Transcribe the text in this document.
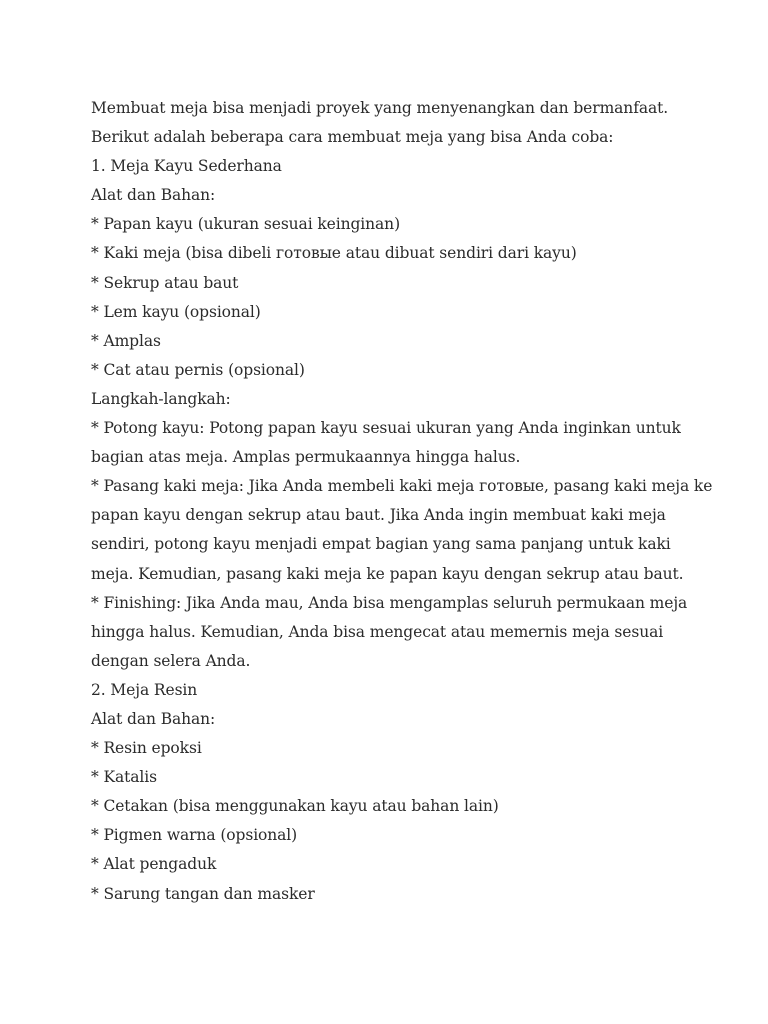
Membuat meja bisa menjadi proyek yang menyenangkan dan bermanfaat.
Berikut adalah beberapa cara membuat meja yang bisa Anda coba:
1. Meja Kayu Sederhana
Alat dan Bahan:
* Papan kayu (ukuran sesuai keinginan)
* Kaki meja (bisa dibeli готовые atau dibuat sendiri dari kayu)
* Sekrup atau baut
* Lem kayu (opsional)
* Amplas
* Cat atau pernis (opsional)
Langkah-langkah:
* Potong kayu: Potong papan kayu sesuai ukuran yang Anda inginkan untuk
bagian atas meja. Amplas permukaannya hingga halus.
* Pasang kaki meja: Jika Anda membeli kaki meja готовые, pasang kaki meja ke
papan kayu dengan sekrup atau baut. Jika Anda ingin membuat kaki meja
sendiri, potong kayu menjadi empat bagian yang sama panjang untuk kaki
meja. Kemudian, pasang kaki meja ke papan kayu dengan sekrup atau baut.
* Finishing: Jika Anda mau, Anda bisa mengamplas seluruh permukaan meja
hingga halus. Kemudian, Anda bisa mengecat atau memernis meja sesuai
dengan selera Anda.
2. Meja Resin
Alat dan Bahan:
* Resin epoksi
* Katalis
* Cetakan (bisa menggunakan kayu atau bahan lain)
* Pigmen warna (opsional)
* Alat pengaduk
* Sarung tangan dan masker
